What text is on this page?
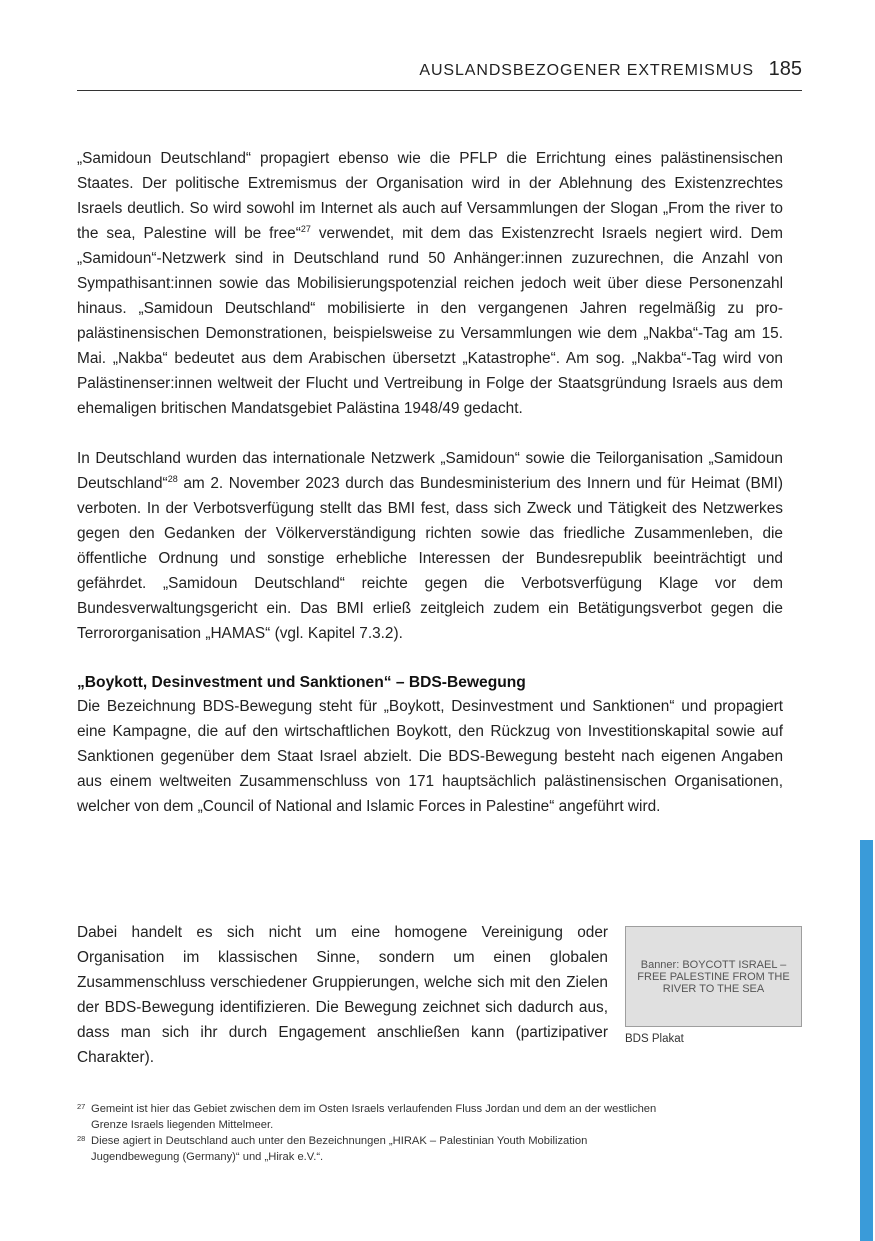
AUSLANDSBEZOGENER EXTREMISMUS 185

„Samidoun Deutschland“ propagiert ebenso wie die PFLP die Errichtung eines palästinensischen Staates. Der politische Extremismus der Organisation wird in der Ablehnung des Existenzrechtes Israels deutlich. So wird sowohl im Internet als auch auf Versammlungen der Slogan „From the river to the sea, Palestine will be free“$^{27}$ verwendet, mit dem das Existenzrecht Israels negiert wird. Dem „Samidoun“-Netzwerk sind in Deutschland rund 50 Anhänger:innen zuzurechnen, die Anzahl von Sympathisant:innen sowie das Mobilisierungspotenzial reichen jedoch weit über diese Personenzahl hinaus. „Samidoun Deutschland“ mobilisierte in den vergangenen Jahren regelmäßig zu pro-palästinensischen Demonstrationen, beispielsweise zu Versammlungen wie dem „Nakba“-Tag am 15. Mai. „Nakba“ bedeutet aus dem Arabischen übersetzt „Katastrophe“. Am sog. „Nakba“-Tag wird von Palästinenser:innen weltweit der Flucht und Vertreibung in Folge der Staatsgründung Israels aus dem ehemaligen britischen Mandatsgebiet Palästina 1948/49 gedacht.

In Deutschland wurden das internationale Netzwerk „Samidoun“ sowie die Teilorganisation „Samidoun Deutschland“$^{28}$ am 2. November 2023 durch das Bundesministerium des Innern und für Heimat (BMI) verboten. In der Verbotsverfügung stellt das BMI fest, dass sich Zweck und Tätigkeit des Netzwerkes gegen den Gedanken der Völkerverständigung richten sowie das friedliche Zusammenleben, die öffentliche Ordnung und sonstige erhebliche Interessen der Bundesrepublik beeinträchtigt und gefährdet. „Samidoun Deutschland“ reichte gegen die Verbotsverfügung Klage vor dem Bundesverwaltungsgericht ein. Das BMI erließ zeitgleich zudem ein Betätigungsverbot gegen die Terrororganisation „HAMAS“ (vgl. Kapitel 7.3.2).

„Boykott, Desinvestment und Sanktionen“ – BDS-Bewegung

Die Bezeichnung BDS-Bewegung steht für „Boykott, Desinvestment und Sanktionen“ und propagiert eine Kampagne, die auf den wirtschaftlichen Boykott, den Rückzug von Investitionskapital sowie auf Sanktionen gegenüber dem Staat Israel abzielt. Die BDS-Bewegung besteht nach eigenen Angaben aus einem weltweiten Zusammenschluss von 171 hauptsächlich palästinensischen Organisationen, welcher von dem „Council of National and Islamic Forces in Palestine“ angeführt wird.

Dabei handelt es sich nicht um eine homogene Vereinigung oder Organisation im klassischen Sinne, sondern um einen globalen Zusammenschluss verschiedener Gruppierungen, welche sich mit den Zielen der BDS-Bewegung identifizieren. Die Bewegung zeichnet sich dadurch aus, dass man sich ihr durch Engagement anschließen kann (partizipativer Charakter).

Banner: BOYCOTT ISRAEL – FREE PALESTINE FROM THE RIVER TO THE SEA
BDS Plakat
27 Gemeint ist hier das Gebiet zwischen dem im Osten Israels verlaufenden Fluss Jordan und dem an der westlichen Grenze Israels liegenden Mittelmeer.
28 Diese agiert in Deutschland auch unter den Bezeichnungen „HIRAK – Palestinian Youth Mobilization Jugendbewegung (Germany)“ und „Hirak e.V.“.
